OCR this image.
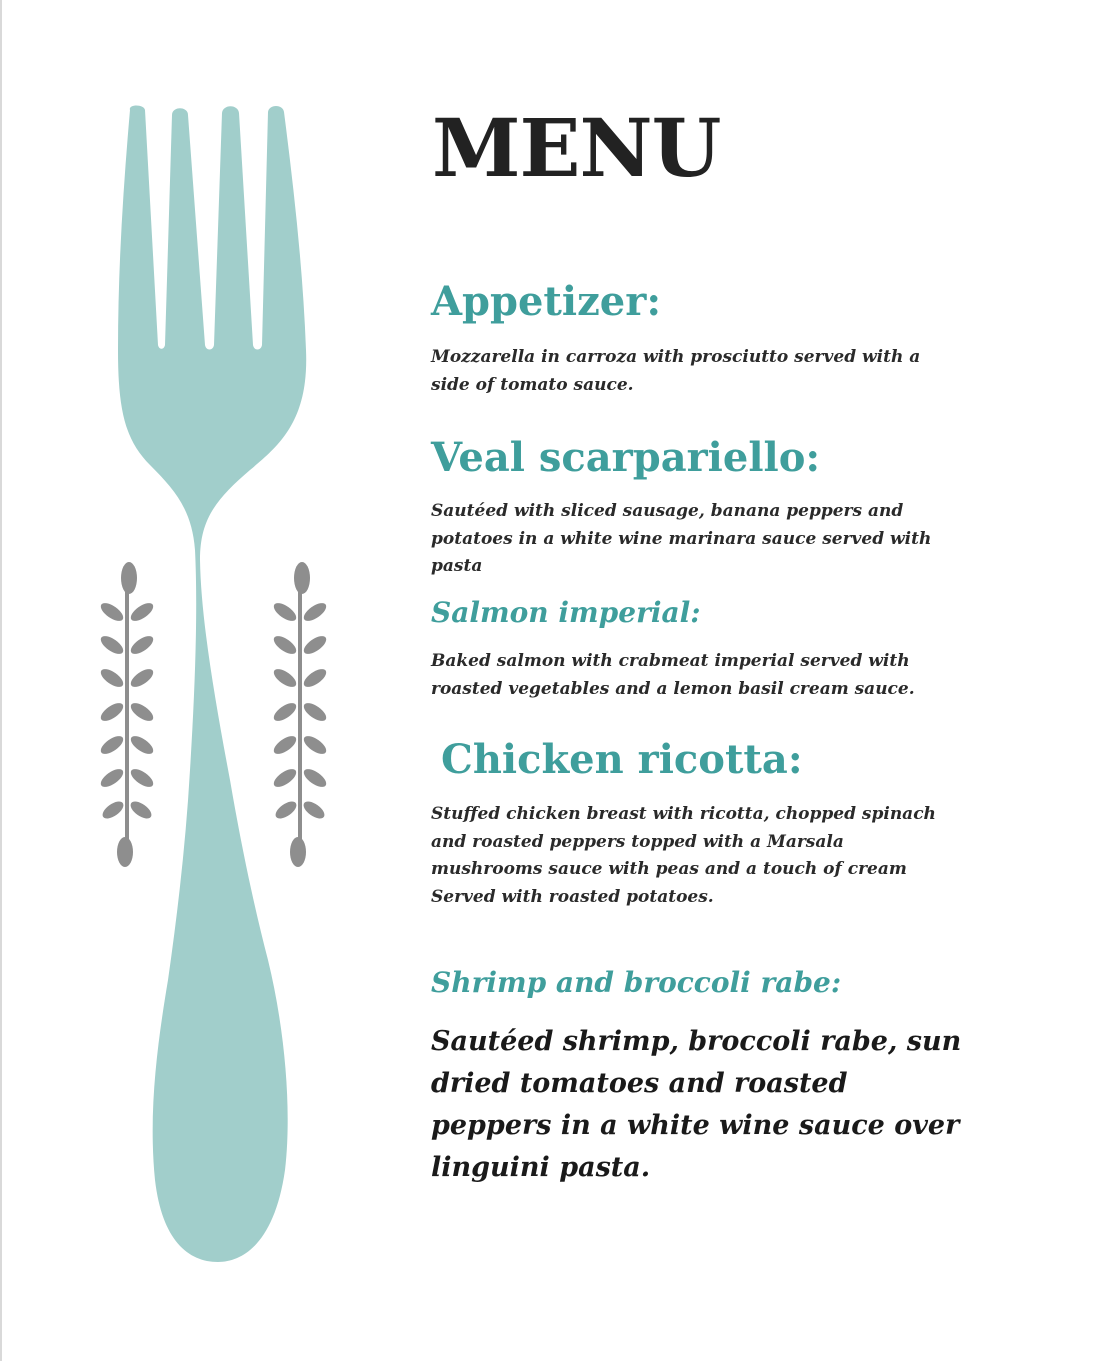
MENU
Appetizer:

Mozzarella in carroza with prosciutto served with a side of tomato sauce.

Veal scarpariello:

Sautéed with sliced sausage, banana peppers and potatoes in a white wine marinara sauce served with pasta

Salmon imperial:

Baked salmon with crabmeat imperial served with roasted vegetables and a lemon basil cream sauce.

Chicken ricotta:

Stuffed chicken breast with ricotta, chopped spinach and roasted peppers topped with a Marsala mushrooms sauce with peas and a touch of cream Served with roasted potatoes.

Shrimp and broccoli rabe:

Sautéed shrimp, broccoli rabe, sun dried tomatoes and roasted peppers in a white wine sauce over linguini pasta.
